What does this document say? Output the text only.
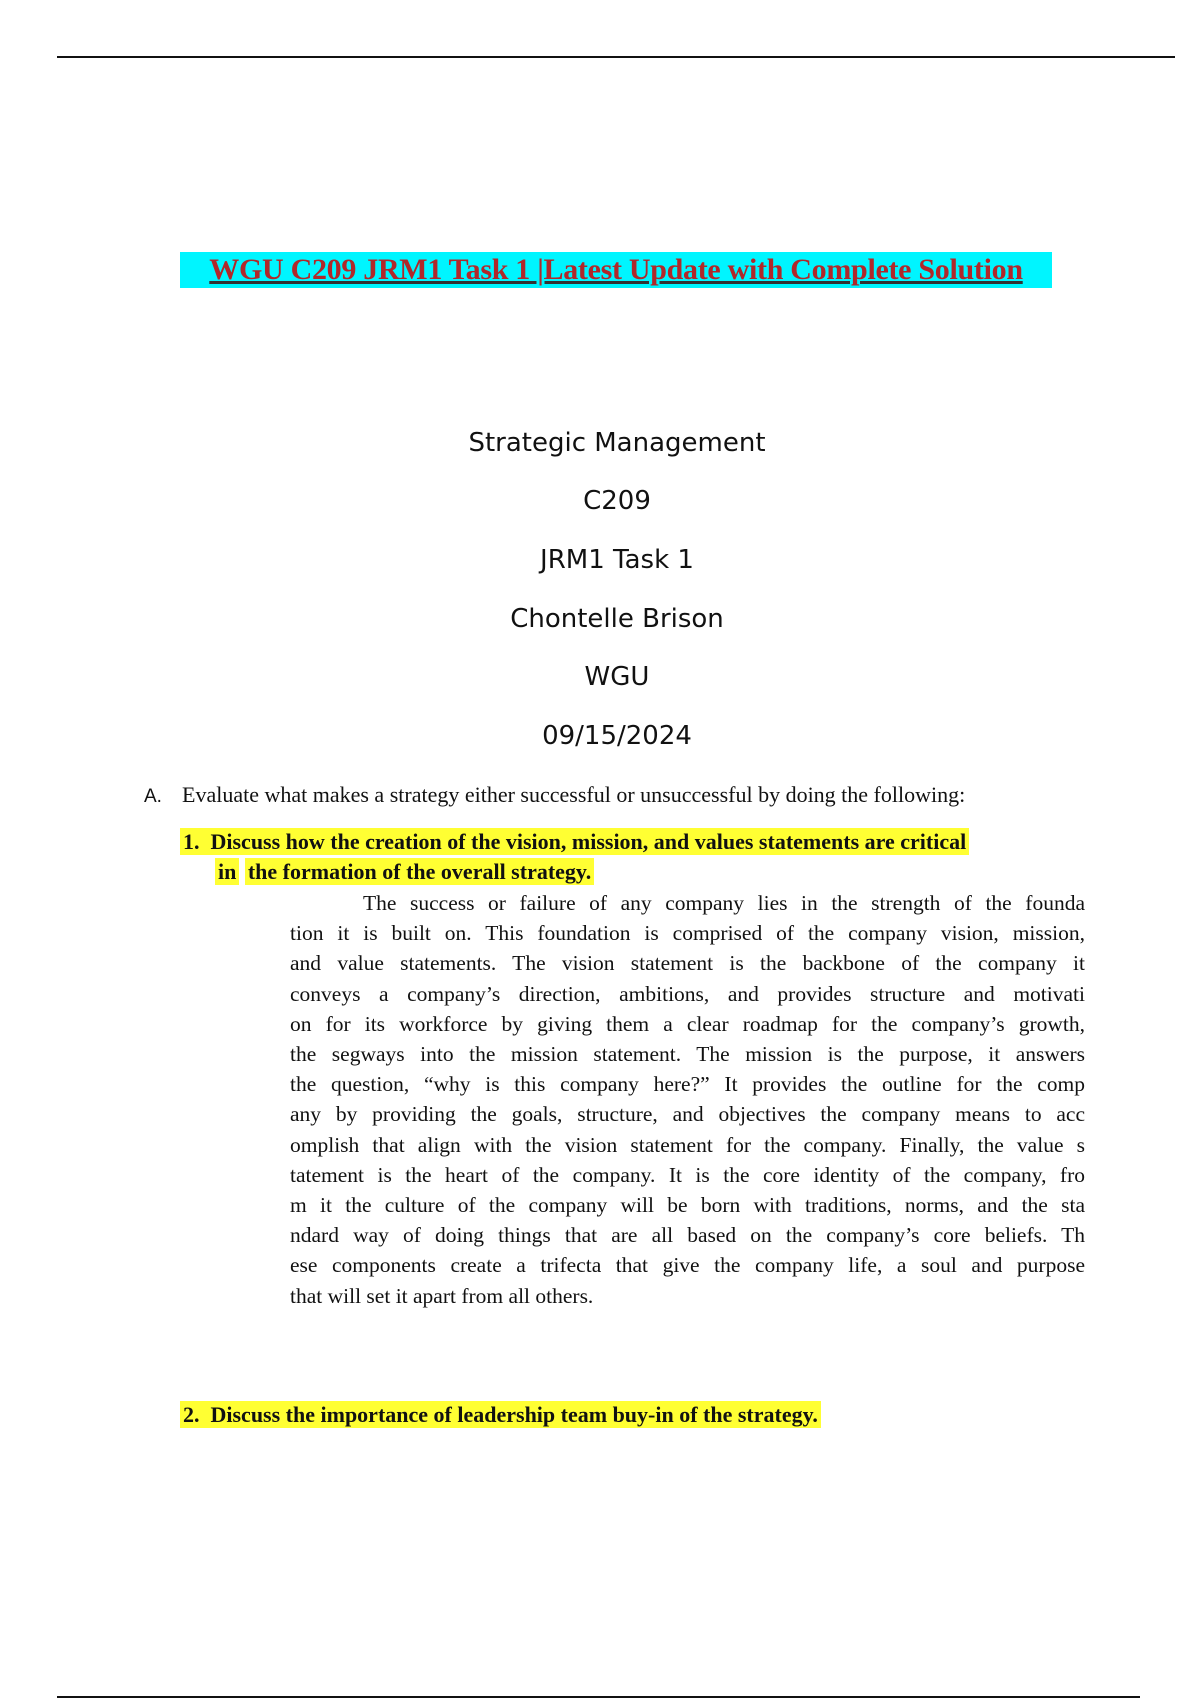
WGU C209 JRM1 Task 1 |Latest Update with Complete Solution
Strategic Management
C209
JRM1 Task 1
Chontelle Brison
WGU
09/15/2024
A. Evaluate what makes a strategy either successful or unsuccessful by doing the following:
1. Discuss how the creation of the vision, mission, and values statements are critical
in the formation of the overall strategy.
The success or failure of any company lies in the strength of the founda
tion it is built on. This foundation is comprised of the company vision, mission,
and value statements. The vision statement is the backbone of the company it
conveys a company’s direction, ambitions, and provides structure and motivati
on for its workforce by giving them a clear roadmap for the company’s growth,
the segways into the mission statement. The mission is the purpose, it answers
the question, “why is this company here?” It provides the outline for the comp
any by providing the goals, structure, and objectives the company means to acc
omplish that align with the vision statement for the company. Finally, the value s
tatement is the heart of the company. It is the core identity of the company, fro
m it the culture of the company will be born with traditions, norms, and the sta
ndard way of doing things that are all based on the company’s core beliefs. Th
ese components create a trifecta that give the company life, a soul and purpose
that will set it apart from all others.
2. Discuss the importance of leadership team buy-in of the strategy.
